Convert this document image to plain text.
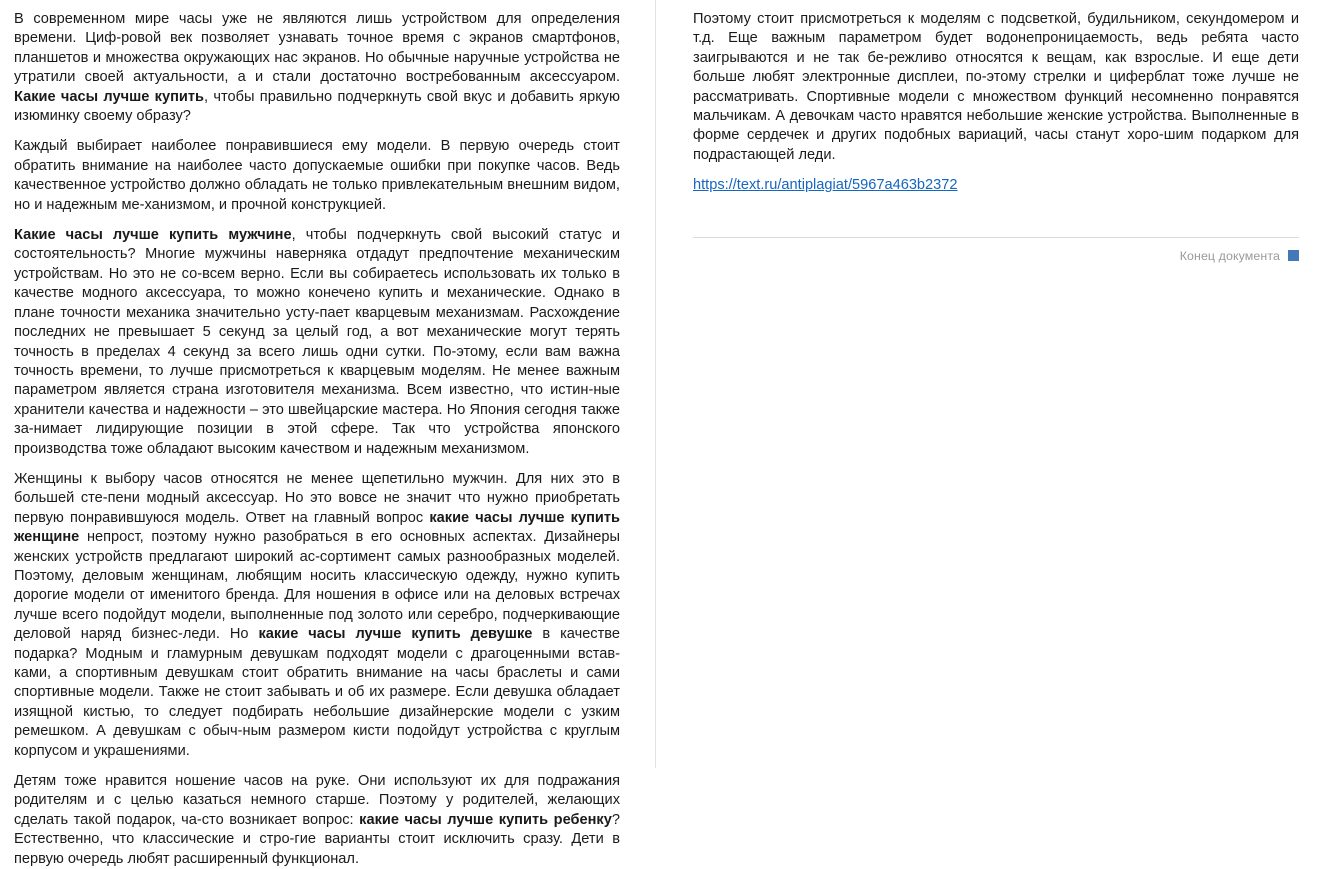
В современном мире часы уже не являются лишь устройством для определения времени. Циф-ровой век позволяет узнавать точное время с экранов смартфонов, планшетов и множества окружающих нас экранов. Но обычные наручные устройства не утратили своей актуальности, а и стали достаточно востребованным аксессуаром. Какие часы лучше купить, чтобы правильно подчеркнуть свой вкус и добавить яркую изюминку своему образу?

Каждый выбирает наиболее понравившиеся ему модели. В первую очередь стоит обратить внимание на наиболее часто допускаемые ошибки при покупке часов. Ведь качественное устройство должно обладать не только привлекательным внешним видом, но и надежным ме-ханизмом, и прочной конструкцией.

Какие часы лучше купить мужчине, чтобы подчеркнуть свой высокий статус и состоятельность? Многие мужчины наверняка отдадут предпочтение механическим устройствам. Но это не со-всем верно. Если вы собираетесь использовать их только в качестве модного аксессуара, то можно конечено купить и механические. Однако в плане точности механика значительно усту-пает кварцевым механизмам. Расхождение последних не превышает 5 секунд за целый год, а вот механические могут терять точность в пределах 4 секунд за всего лишь одни сутки. По-этому, если вам важна точность времени, то лучше присмотреться к кварцевым моделям. Не менее важным параметром является страна изготовителя механизма. Всем известно, что истин-ные хранители качества и надежности – это швейцарские мастера. Но Япония сегодня также за-нимает лидирующие позиции в этой сфере. Так что устройства японского производства тоже обладают высоким качеством и надежным механизмом.

Женщины к выбору часов относятся не менее щепетильно мужчин. Для них это в большей сте-пени модный аксессуар. Но это вовсе не значит что нужно приобретать первую понравившуюся модель. Ответ на главный вопрос какие часы лучше купить женщине непрост, поэтому нужно разобраться в его основных аспектах. Дизайнеры женских устройств предлагают широкий ас-сортимент самых разнообразных моделей. Поэтому, деловым женщинам, любящим носить классическую одежду, нужно купить дорогие модели от именитого бренда. Для ношения в офисе или на деловых встречах лучше всего подойдут модели, выполненные под золото или серебро, подчеркивающие деловой наряд бизнес-леди. Но какие часы лучше купить девушке в качестве подарка? Модным и гламурным девушкам подходят модели с драгоценными встав-ками, а спортивным девушкам стоит обратить внимание на часы браслеты и сами спортивные модели. Также не стоит забывать и об их размере. Если девушка обладает изящной кистью, то следует подбирать небольшие дизайнерские модели с узким ремешком. А девушкам с обыч-ным размером кисти подойдут устройства с круглым корпусом и украшениями.

Детям тоже нравится ношение часов на руке. Они используют их для подражания родителям и с целью казаться немного старше. Поэтому у родителей, желающих сделать такой подарок, ча-сто возникает вопрос: какие часы лучше купить ребенку? Естественно, что классические и стро-гие варианты стоит исключить сразу. Дети в первую очередь любят расширенный функционал.

Поэтому стоит присмотреться к моделям с подсветкой, будильником, секундомером и т.д. Еще важным параметром будет водонепроницаемость, ведь ребята часто заигрываются и не так бе-режливо относятся к вещам, как взрослые. И еще дети больше любят электронные дисплеи, по-этому стрелки и циферблат тоже лучше не рассматривать. Спортивные модели с множеством функций несомненно понравятся мальчикам. А девочкам часто нравятся небольшие женские устройства. Выполненные в форме сердечек и других подобных вариаций, часы станут хоро-шим подарком для подрастающей леди.

https://text.ru/antiplagiat/5967a463b2372

Конец документа
